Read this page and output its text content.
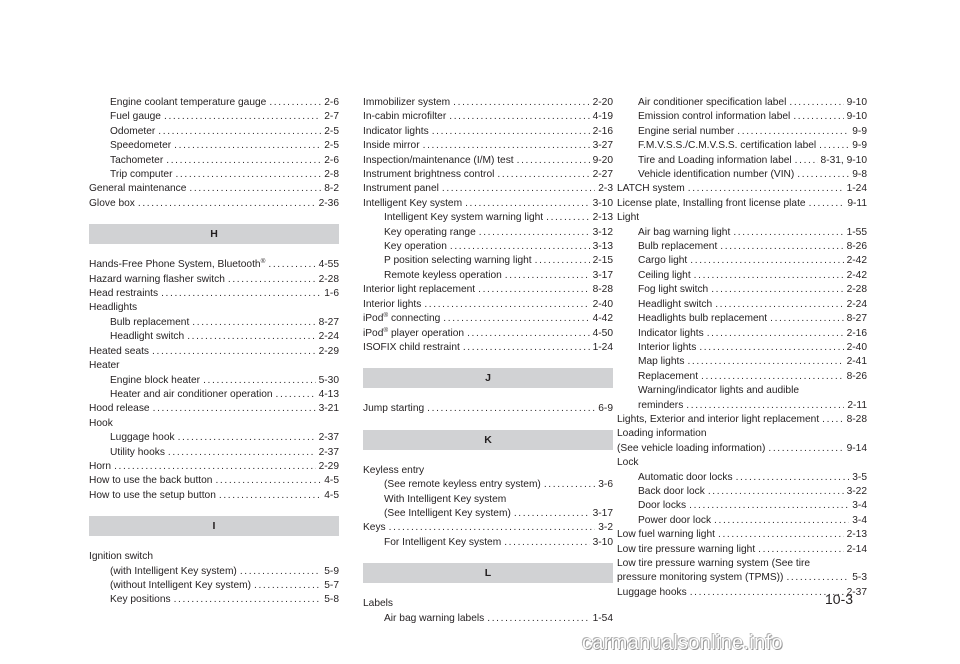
Engine coolant temperature gauge . . .	2-6
Fuel gauge . . .	2-7
Odometer . . .	2-5
Speedometer . . .	2-5
Tachometer . . .	2-6
Trip computer . . .	2-8
General maintenance . . .	8-2
Glove box . . .	2-36
H
Hands-Free Phone System, Bluetooth® . . .	4-55
Hazard warning flasher switch . . .	2-28
Head restraints . . .	1-6
Headlights
Bulb replacement . . .	8-27
Headlight switch . . .	2-24
Heated seats . . .	2-29
Heater
Engine block heater . . .	5-30
Heater and air conditioner operation . . .	4-13
Hood release . . .	3-21
Hook
Luggage hook . . .	2-37
Utility hooks . . .	2-37
Horn . . .	2-29
How to use the back button . . .	4-5
How to use the setup button . . .	4-5
I
Ignition switch
(with Intelligent Key system) . . .	5-9
(without Intelligent Key system) . . .	5-7
Key positions . . .	5-8
Immobilizer system . . .	2-20
In-cabin microfilter . . .	4-19
Indicator lights . . .	2-16
Inside mirror . . .	3-27
Inspection/maintenance (I/M) test . . .	9-20
Instrument brightness control . . .	2-27
Instrument panel . . .	2-3
Intelligent Key system . . .	3-10
Intelligent Key system warning light . . .	2-13
Key operating range . . .	3-12
Key operation . . .	3-13
P position selecting warning light . . .	2-15
Remote keyless operation . . .	3-17
Interior light replacement . . .	8-28
Interior lights . . .	2-40
iPod® connecting . . .	4-42
iPod® player operation . . .	4-50
ISOFIX child restraint . . .	1-24
J
Jump starting . . .	6-9
K
Keyless entry
(See remote keyless entry system) . . .	3-6
With Intelligent Key system
(See Intelligent Key system) . . .	3-17
Keys . . .	3-2
For Intelligent Key system . . .	3-10
L
Labels
Air bag warning labels . . .	1-54
Air conditioner specification label . . .	9-10
Emission control information label . . .	9-10
Engine serial number . . .	9-9
F.M.V.S.S./C.M.V.S.S. certification label . . .	9-9
Tire and Loading information label . . .	8-31, 9-10
Vehicle identification number (VIN) . . .	9-8
LATCH system . . .	1-24
License plate, Installing front license plate . . .	9-11
Light
Air bag warning light . . .	1-55
Bulb replacement . . .	8-26
Cargo light . . .	2-42
Ceiling light . . .	2-42
Fog light switch . . .	2-28
Headlight switch . . .	2-24
Headlights bulb replacement . . .	8-27
Indicator lights . . .	2-16
Interior lights . . .	2-40
Map lights . . .	2-41
Replacement . . .	8-26
Warning/indicator lights and audible
reminders . . .	2-11
Lights, Exterior and interior light replacement . . .	8-28
Loading information
(See vehicle loading information) . . .	9-14
Lock
Automatic door locks . . .	3-5
Back door lock . . .	3-22
Door locks . . .	3-4
Power door lock . . .	3-4
Low fuel warning light . . .	2-13
Low tire pressure warning light . . .	2-14
Low tire pressure warning system (See tire
pressure monitoring system (TPMS)) . . .	5-3
Luggage hooks . . .	2-37
10-3
carmanualsonline.info
